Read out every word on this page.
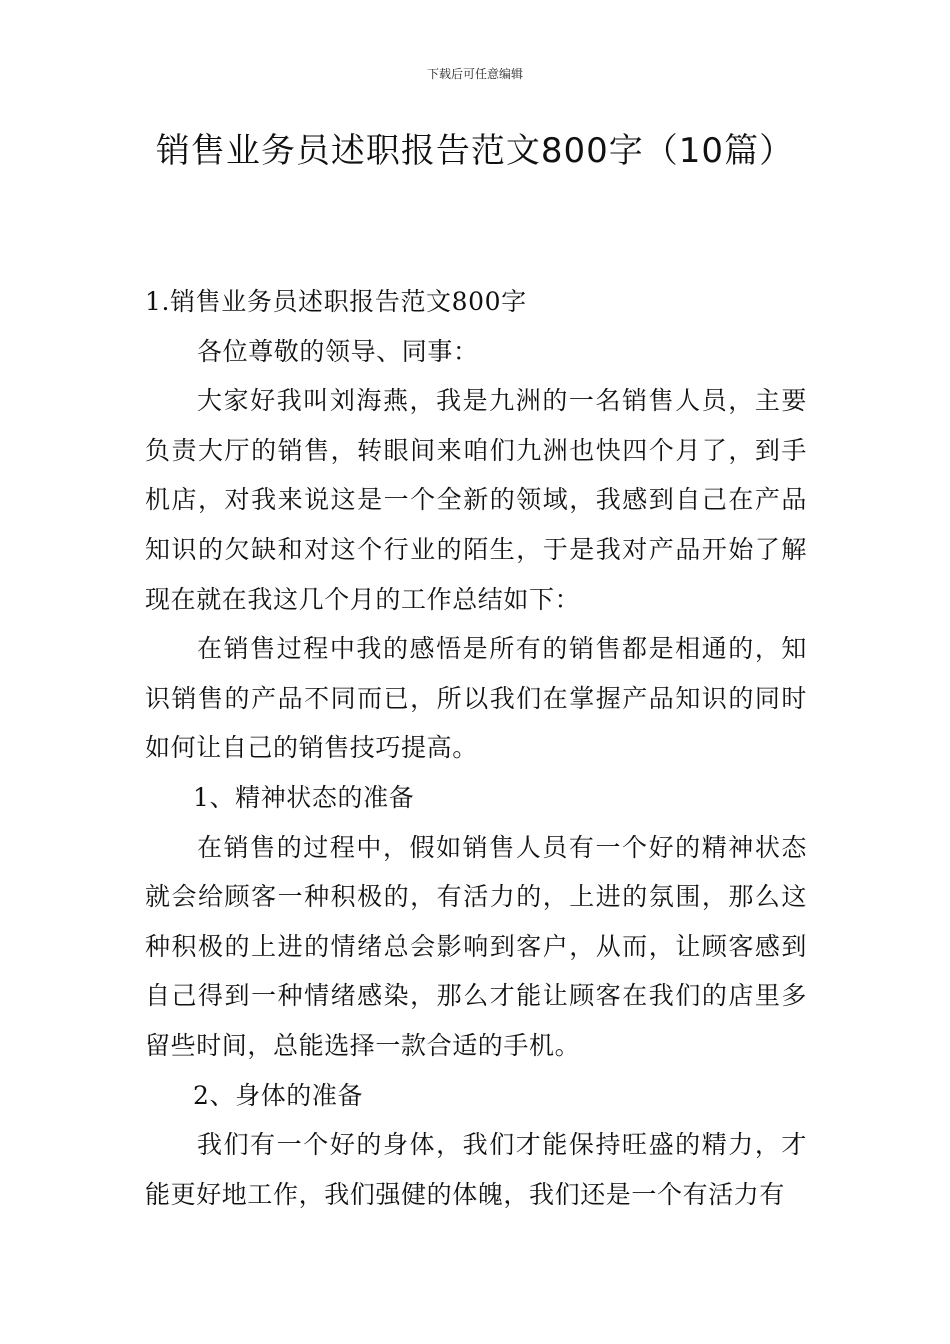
下载后可任意编辑
销售业务员述职报告范文800字（10篇）

1.销售业务员述职报告范文800字

各位尊敬的领导、同事：

大家好我叫刘海燕，我是九洲的一名销售人员，主要负责大厅的销售，转眼间来咱们九洲也快四个月了，到手机店，对我来说这是一个全新的领域，我感到自己在产品知识的欠缺和对这个行业的陌生，于是我对产品开始了解现在就在我这几个月的工作总结如下：

在销售过程中我的感悟是所有的销售都是相通的，知识销售的产品不同而已，所以我们在掌握产品知识的同时如何让自己的销售技巧提高。

1、精神状态的准备

在销售的过程中，假如销售人员有一个好的精神状态就会给顾客一种积极的，有活力的，上进的氛围，那么这种积极的上进的情绪总会影响到客户，从而，让顾客感到自己得到一种情绪感染，那么才能让顾客在我们的店里多留些时间，总能选择一款合适的手机。

2、身体的准备

我们有一个好的身体，我们才能保持旺盛的精力，才能更好地工作，我们强健的体魄，我们还是一个有活力有
